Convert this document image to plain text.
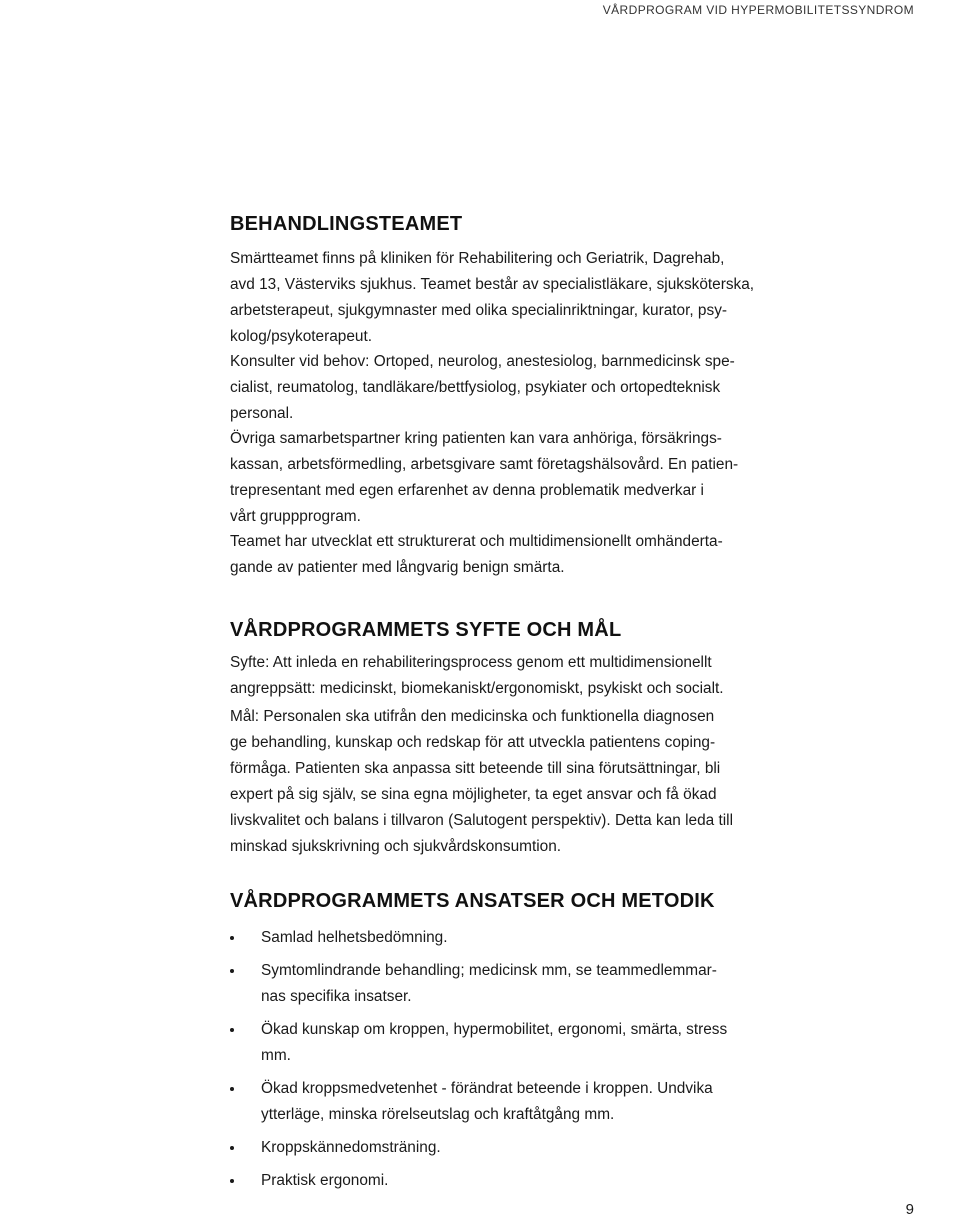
VÅRDPROGRAM VID HYPERMOBILITETSSYNDROM
BEHANDLINGSTEAMET

Smärtteamet finns på kliniken för Rehabilitering och Geriatrik, Dagrehab,
avd 13, Västerviks sjukhus. Teamet består av specialistläkare, sjuksköterska,
arbetsterapeut, sjukgymnaster med olika specialinriktningar, kurator, psy-
kolog/psykoterapeut.

Konsulter vid behov: Ortoped, neurolog, anestesiolog, barnmedicinsk spe-
cialist, reumatolog, tandläkare/bettfysiolog, psykiater och ortopedteknisk
personal.

Övriga samarbetspartner kring patienten kan vara anhöriga, försäkrings-
kassan, arbetsförmedling, arbetsgivare samt företagshälsovård. En patien-
trepresentant med egen erfarenhet av denna problematik medverkar i
vårt gruppprogram.

Teamet har utvecklat ett strukturerat och multidimensionellt omhänderta-
gande av patienter med långvarig benign smärta.

VÅRDPROGRAMMETS SYFTE OCH MÅL

Syfte: Att inleda en rehabiliteringsprocess genom ett multidimensionellt
angreppsätt: medicinskt, biomekaniskt/ergonomiskt, psykiskt och socialt.

Mål: Personalen ska utifrån den medicinska och funktionella diagnosen
ge behandling, kunskap och redskap för att utveckla patientens coping-
förmåga. Patienten ska anpassa sitt beteende till sina förutsättningar, bli
expert på sig själv, se sina egna möjligheter, ta eget ansvar och få ökad
livskvalitet och balans i tillvaron (Salutogent perspektiv). Detta kan leda till
minskad sjukskrivning och sjukvårdskonsumtion.

VÅRDPROGRAMMETS ANSATSER OCH METODIK
Samlad helhetsbedömning.
Symtomlindrande behandling; medicinsk mm, se teammedlemmar-
nas specifika insatser.
Ökad kunskap om kroppen, hypermobilitet, ergonomi, smärta, stress
mm.
Ökad kroppsmedvetenhet - förändrat beteende i kroppen. Undvika
ytterläge, minska rörelseutslag och kraftåtgång mm.
Kroppskännedomsträning.
Praktisk ergonomi.
9
